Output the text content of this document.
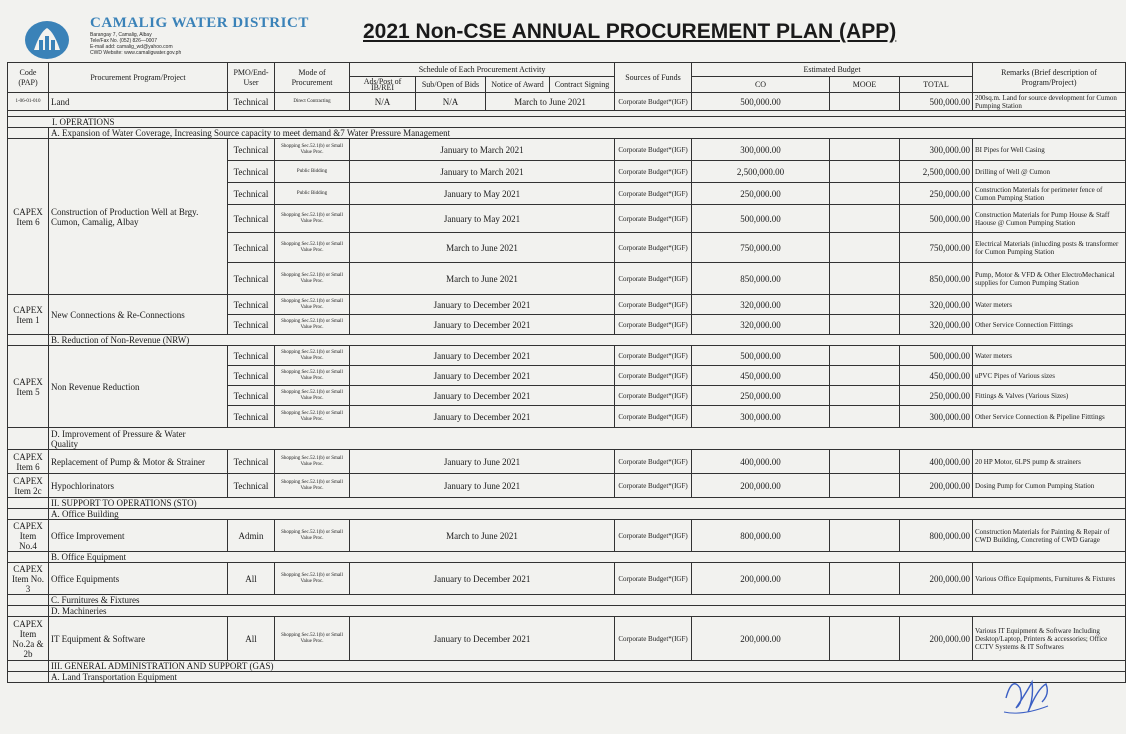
CAMALIG WATER DISTRICT
Barangay 7, Camalig, Albay
Tele/Fax No. (052) 826—0007
E-mail add: camalig_wd@yahoo.com
CWD Website: www.camaligwater.gov.ph
2021 Non-CSE ANNUAL PROCUREMENT PLAN (APP)
Code (PAP)	Procurement Program/Project	PMO/End-User	Mode of Procurement	Schedule of Each Procurement Activity				Sources of Funds	Estimated Budget			Remarks (Brief description of Program/Project)
				Ads/Post of IB/REI	Sub/Open of Bids	Notice of Award	Contract Signing		CO	MOOE	TOTAL	
1-06-01-010	Land	Technical	Direct Contracting	N/A	N/A	March to June 2021		Corporate Budget*(IGF)	500,000.00		500,000.00	200sq.m. Land for source development for Cumon Pumping Station

I. OPERATIONS												
	A. Expansion of Water Coverage, Increasing Source capacity to meet demand &7 Water Pressure Management											
CAPEX Item 6	Construction of Production Well at Brgy. Cumon, Camalig, Albay	Technical	Shopping Sec.52.1(b) or Small Value Proc.	January to March 2021				Corporate Budget*(IGF)	300,000.00		300,000.00	BI Pipes for Well Casing
		Technical	Public Bidding	January to March 2021				Corporate Budget*(IGF)	2,500,000.00		2,500,000.00	Drilling of Well @ Cumon
		Technical	Public Bidding	January to May 2021				Corporate Budget*(IGF)	250,000.00		250,000.00	Construction Materials for perimeter fence of Cumon Pumping Station
		Technical	Shopping Sec.52.1(b) or Small Value Proc.	January to May 2021				Corporate Budget*(IGF)	500,000.00		500,000.00	Construction Materials for Pump House & Staff Haouse @ Cumon Pumping Station
		Technical	Shopping Sec.52.1(b) or Small Value Proc.	March to June 2021				Corporate Budget*(IGF)	750,000.00		750,000.00	Electrical Materials (inlucding posts & transformer for Cumon Pumping Station
		Technical	Shopping Sec.52.1(b) or Small Value Proc.	March to June 2021				Corporate Budget*(IGF)	850,000.00		850,000.00	Pump, Motor & VFD & Other ElectroMechanical supplies for Cumon Pumping Station
CAPEX Item 1	New Connections & Re-Connections	Technical	Shopping Sec.52.1(b) or Small Value Proc.	January to December 2021				Corporate Budget*(IGF)	320,000.00		320,000.00	Water meters
		Technical	Shopping Sec.52.1(b) or Small Value Proc.	January to December 2021				Corporate Budget*(IGF)	320,000.00		320,000.00	Other Service Connection Fitttings
	B. Reduction of Non-Revenue (NRW)											
CAPEX Item 5	Non Revenue Reduction	Technical	Shopping Sec.52.1(b) or Small Value Proc.	January to December 2021				Corporate Budget*(IGF)	500,000.00		500,000.00	Water meters
		Technical	Shopping Sec.52.1(b) or Small Value Proc.	January to December 2021				Corporate Budget*(IGF)	450,000.00		450,000.00	uPVC Pipes of Various sizes
		Technical	Shopping Sec.52.1(b) or Small Value Proc.	January to December 2021				Corporate Budget*(IGF)	250,000.00		250,000.00	Fittings & Valves (Various Sizes)
		Technical	Shopping Sec.52.1(b) or Small Value Proc.	January to December 2021				Corporate Budget*(IGF)	300,000.00		300,000.00	Other Service Connection & Pipeline Fitttings
	D. Improvement of Pressure & Water Quality											
CAPEX Item 6	Replacement of Pump & Motor & Strainer	Technical	Shopping Sec.52.1(b) or Small Value Proc.	January to June 2021				Corporate Budget*(IGF)	400,000.00		400,000.00	20 HP Motor, 6LPS pump & strainers
CAPEX Item 2c	Hypochlorinators	Technical	Shopping Sec.52.1(b) or Small Value Proc.	January to June 2021				Corporate Budget*(IGF)	200,000.00		200,000.00	Dosing Pump for Cumon Pumping Station
	II. SUPPORT TO OPERATIONS (STO)											
	A. Office Building											
CAPEX Item No.4	Office Improvement	Admin	Shopping Sec.52.1(b) or Small Value Proc.	March to June 2021				Corporate Budget*(IGF)	800,000.00		800,000.00	Construction Materials for Painting & Repair of CWD Building, Concreting of CWD Garage
	B. Office Equipment											
CAPEX Item No. 3	Office Equipments	All	Shopping Sec.52.1(b) or Small Value Proc.	January to December 2021				Corporate Budget*(IGF)	200,000.00		200,000.00	Various Office Equipments, Furnitures & Fixtures
	C. Furnitures & Fixtures											
	D. Machineries											
CAPEX Item No.2a & 2b	IT Equipment & Software	All	Shopping Sec.52.1(b) or Small Value Proc.	January to December 2021				Corporate Budget*(IGF)	200,000.00		200,000.00	Various IT Equipment & Software Including Desktop/Laptop, Printers & accessories; Office CCTV Systems & IT Softwares
	III. GENERAL ADMINISTRATION AND SUPPORT (GAS)											
	A. Land Transportation Equipment											
